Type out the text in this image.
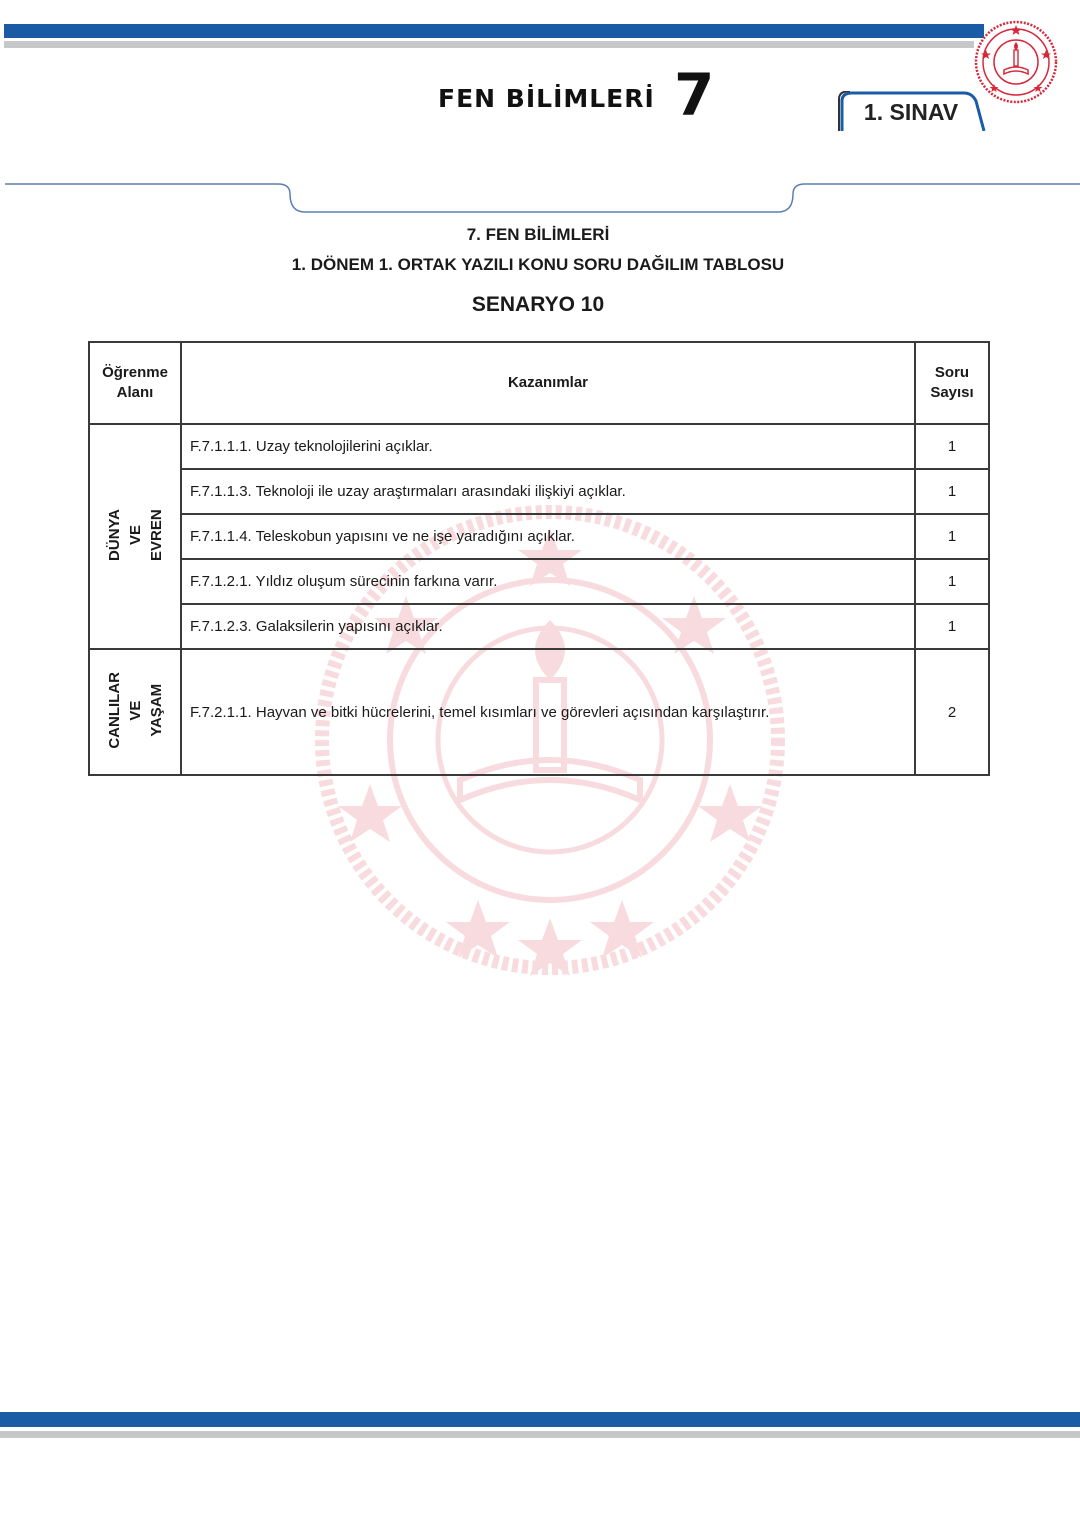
FEN BİLİMLERİ 7	1. SINAV
7. FEN BİLİMLERİ
1. DÖNEM 1. ORTAK YAZILI KONU SORU DAĞILIM TABLOSU
SENARYO 10
Öğrenme Alanı	Kazanımlar	Soru Sayısı
DÜNYA
VE
EVREN	F.7.1.1.1. Uzay teknolojilerini açıklar.	1
	F.7.1.1.3. Teknoloji ile uzay araştırmaları arasındaki ilişkiyi açıklar.	1
	F.7.1.1.4. Teleskobun yapısını ve ne işe yaradığını açıklar.	1
	F.7.1.2.1. Yıldız oluşum sürecinin farkına varır.	1
	F.7.1.2.3. Galaksilerin yapısını açıklar.	1
CANLILAR
VE
YAŞAM	F.7.2.1.1. Hayvan ve bitki hücrelerini, temel kısımları ve görevleri açısından karşılaştırır.	2
